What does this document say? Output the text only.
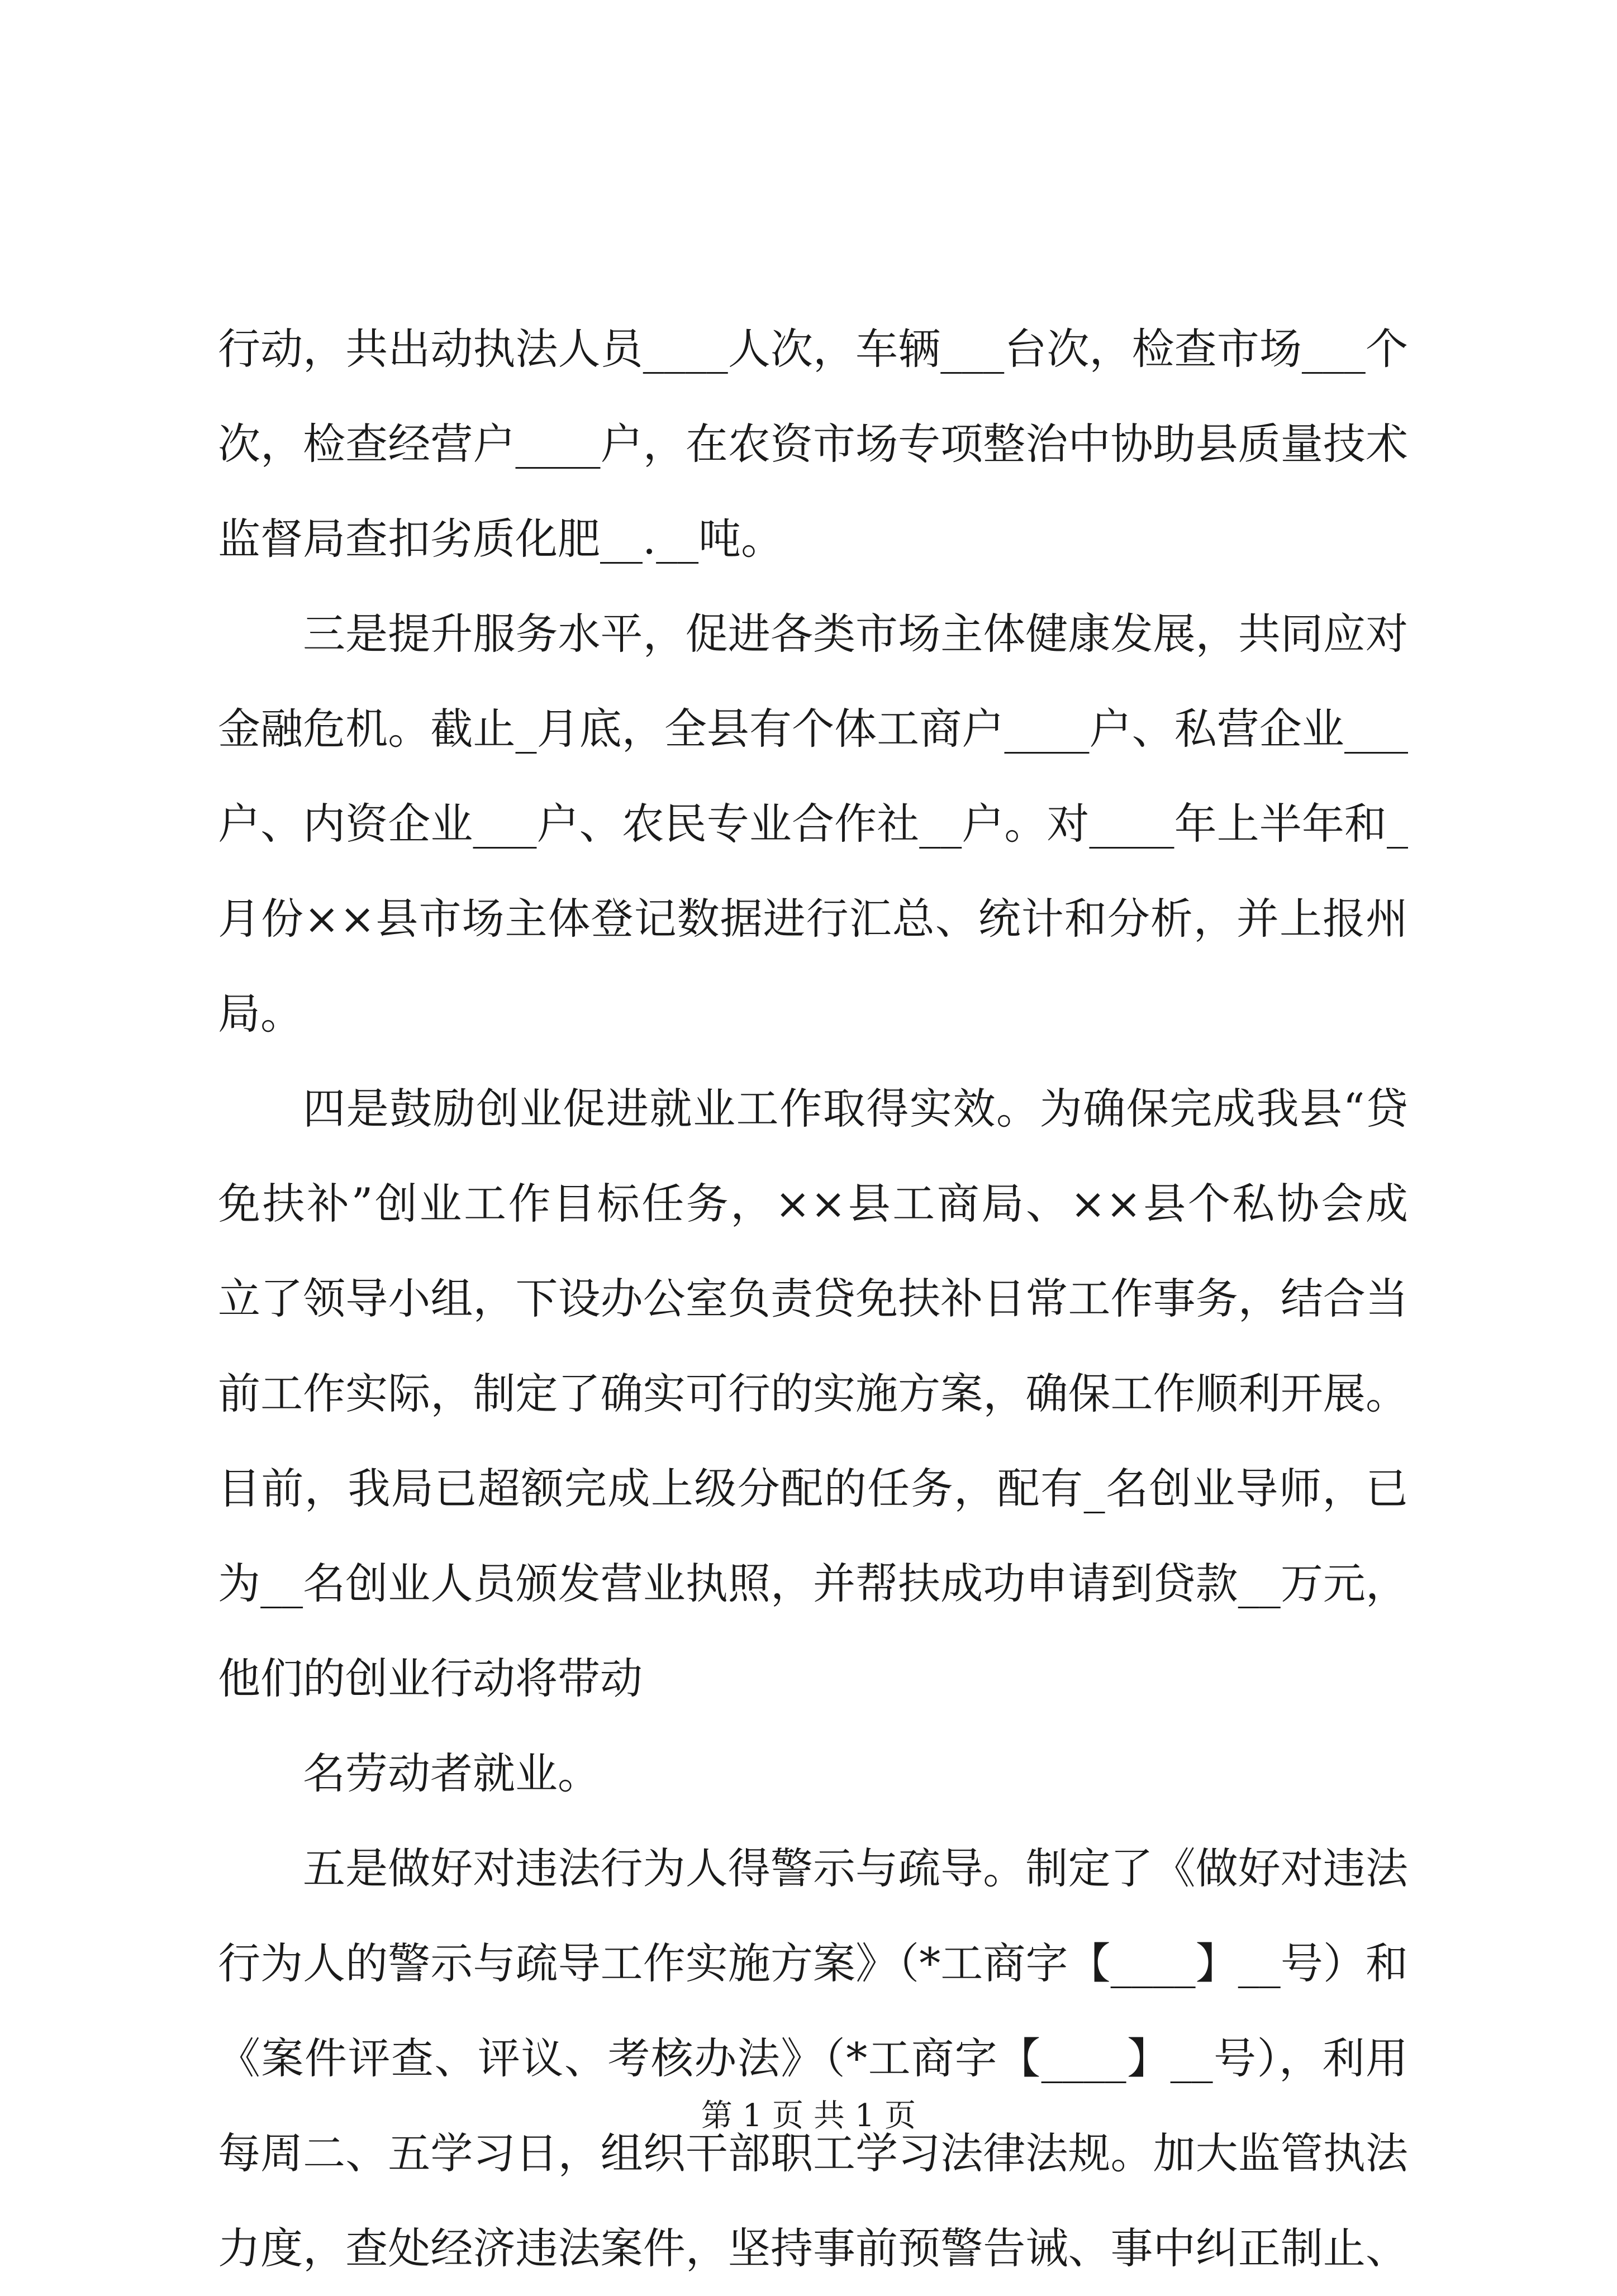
行动，共出动执法人员____人次，车辆___台次，检查市场___个
次，检查经营户____户，在农资市场专项整治中协助县质量技术
监督局查扣劣质化肥__.__吨。
三是提升服务水平，促进各类市场主体健康发展，共同应对
金融危机。截止_月底，全县有个体工商户____户、私营企业___
户、内资企业___户、农民专业合作社__户。对____年上半年和_
月份××县市场主体登记数据进行汇总、统计和分析，并上报州
局。
四是鼓励创业促进就业工作取得实效。为确保完成我县“贷
免扶补”创业工作目标任务，××县工商局、××县个私协会成
立了领导小组，下设办公室负责贷免扶补日常工作事务，结合当
前工作实际，制定了确实可行的实施方案，确保工作顺利开展。
目前，我局已超额完成上级分配的任务，配有_名创业导师，已
为__名创业人员颁发营业执照，并帮扶成功申请到贷款__万元，
他们的创业行动将带动
名劳动者就业。
五是做好对违法行为人得警示与疏导。制定了《做好对违法
行为人的警示与疏导工作实施方案》（*工商字【____】__号）和
《案件评查、评议、考核办法》（*工商字【____】__号），利用
每周二、五学习日，组织干部职工学习法律法规。加大监管执法
力度，查处经济违法案件，坚持事前预警告诫、事中纠正制止、
第 1 页 共 1 页
